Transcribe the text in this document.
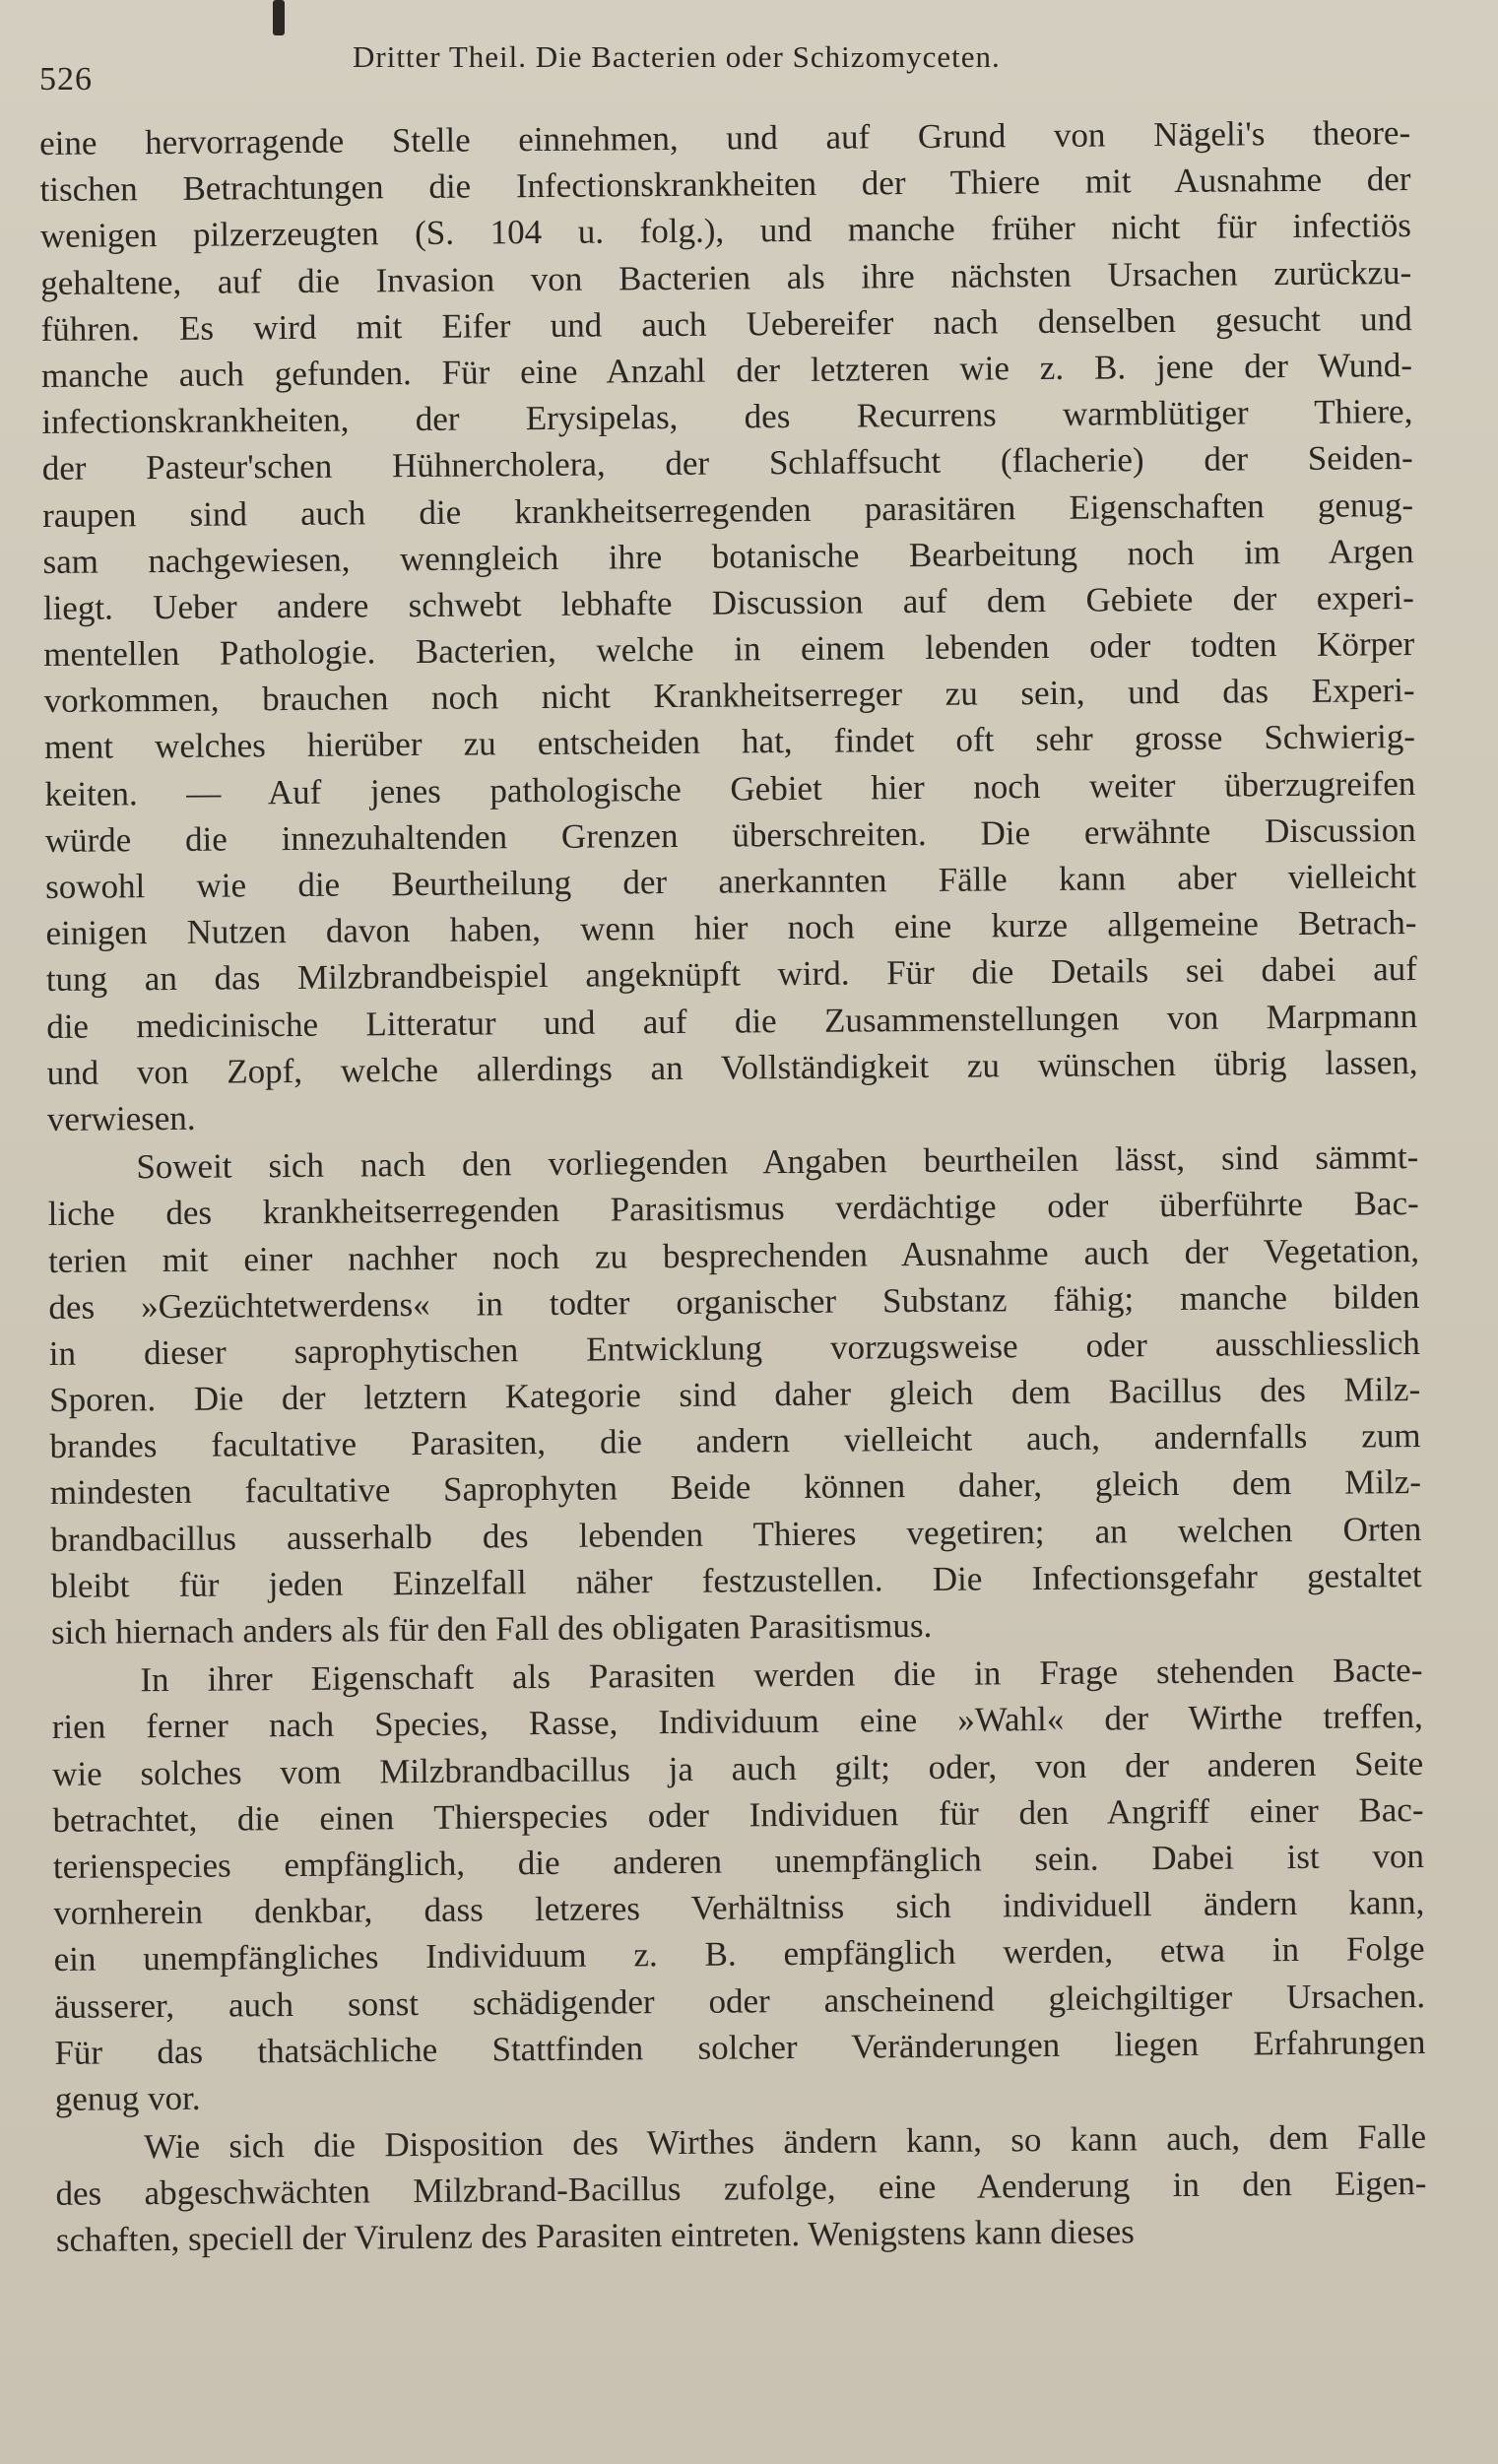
526
Dritter Theil. Die Bacterien oder Schizomyceten.
eine hervorragende Stelle einnehmen, und auf Grund von Nägeli's theore-
tischen Betrachtungen die Infectionskrankheiten der Thiere mit Ausnahme der
wenigen pilzerzeugten (S. 104 u. folg.), und manche früher nicht für infectiös
gehaltene, auf die Invasion von Bacterien als ihre nächsten Ursachen zurückzu-
führen. Es wird mit Eifer und auch Uebereifer nach denselben gesucht und
manche auch gefunden. Für eine Anzahl der letzteren wie z. B. jene der Wund-
infectionskrankheiten, der Erysipelas, des Recurrens warmblütiger Thiere,
der Pasteur'schen Hühnercholera, der Schlaffsucht (flacherie) der Seiden-
raupen sind auch die krankheitserregenden parasitären Eigenschaften genug-
sam nachgewiesen, wenngleich ihre botanische Bearbeitung noch im Argen
liegt. Ueber andere schwebt lebhafte Discussion auf dem Gebiete der experi-
mentellen Pathologie. Bacterien, welche in einem lebenden oder todten Körper
vorkommen, brauchen noch nicht Krankheitserreger zu sein, und das Experi-
ment welches hierüber zu entscheiden hat, findet oft sehr grosse Schwierig-
keiten. — Auf jenes pathologische Gebiet hier noch weiter überzugreifen
würde die innezuhaltenden Grenzen überschreiten. Die erwähnte Discussion
sowohl wie die Beurtheilung der anerkannten Fälle kann aber vielleicht
einigen Nutzen davon haben, wenn hier noch eine kurze allgemeine Betrach-
tung an das Milzbrandbeispiel angeknüpft wird. Für die Details sei dabei auf
die medicinische Litteratur und auf die Zusammenstellungen von Marpmann
und von Zopf, welche allerdings an Vollständigkeit zu wünschen übrig lassen,
verwiesen.
Soweit sich nach den vorliegenden Angaben beurtheilen lässt, sind sämmt-
liche des krankheitserregenden Parasitismus verdächtige oder überführte Bac-
terien mit einer nachher noch zu besprechenden Ausnahme auch der Vegetation,
des »Gezüchtetwerdens« in todter organischer Substanz fähig; manche bilden
in dieser saprophytischen Entwicklung vorzugsweise oder ausschliesslich
Sporen. Die der letztern Kategorie sind daher gleich dem Bacillus des Milz-
brandes facultative Parasiten, die andern vielleicht auch, andernfalls zum
mindesten facultative Saprophyten Beide können daher, gleich dem Milz-
brandbacillus ausserhalb des lebenden Thieres vegetiren; an welchen Orten
bleibt für jeden Einzelfall näher festzustellen. Die Infectionsgefahr gestaltet
sich hiernach anders als für den Fall des obligaten Parasitismus.
In ihrer Eigenschaft als Parasiten werden die in Frage stehenden Bacte-
rien ferner nach Species, Rasse, Individuum eine »Wahl« der Wirthe treffen,
wie solches vom Milzbrandbacillus ja auch gilt; oder, von der anderen Seite
betrachtet, die einen Thierspecies oder Individuen für den Angriff einer Bac-
terienspecies empfänglich, die anderen unempfänglich sein. Dabei ist von
vornherein denkbar, dass letzeres Verhältniss sich individuell ändern kann,
ein unempfängliches Individuum z. B. empfänglich werden, etwa in Folge
äusserer, auch sonst schädigender oder anscheinend gleichgiltiger Ursachen.
Für das thatsächliche Stattfinden solcher Veränderungen liegen Erfahrungen
genug vor.
Wie sich die Disposition des Wirthes ändern kann, so kann auch, dem Falle
des abgeschwächten Milzbrand-Bacillus zufolge, eine Aenderung in den Eigen-
schaften, speciell der Virulenz des Parasiten eintreten. Wenigstens kann dieses
